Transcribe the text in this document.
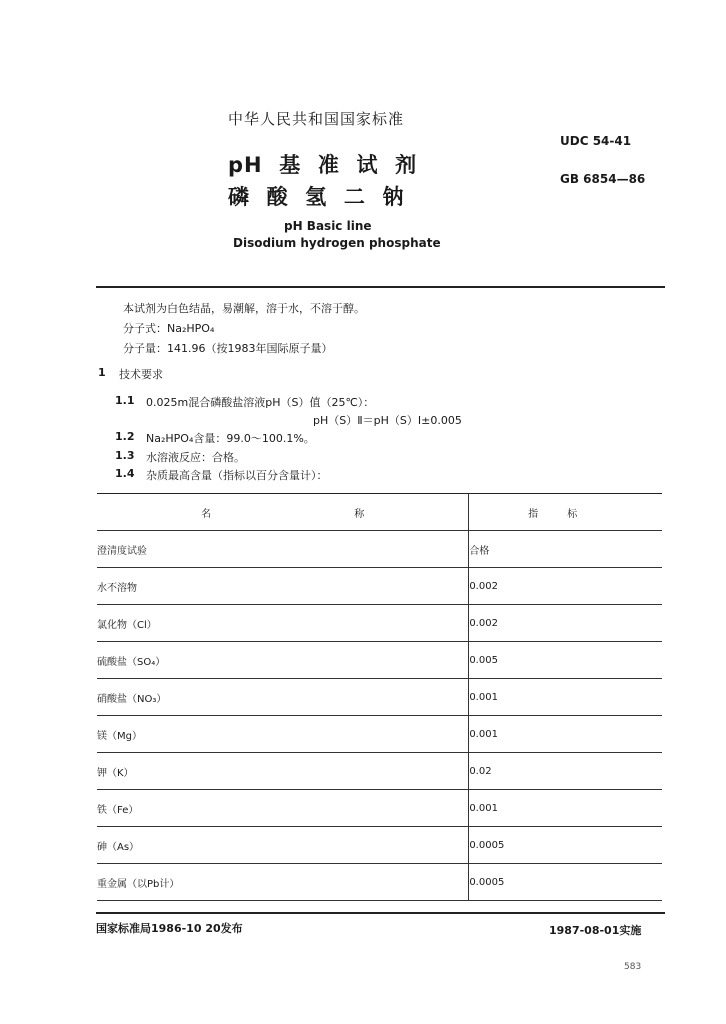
中华人民共和国国家标准
pH  基  准  试  剂
磷  酸  氢  二  钠
pH Basic line
Disodium hydrogen phosphate
UDC 54-41
GB 6854—86
本试剂为白色结晶，易潮解，溶于水，不溶于醇。
分子式：Na₂HPO₄
分子量：141.96（按1983年国际原子量）
1 技术要求
1.1 0.025m混合磷酸盐溶液pH（S）值（25℃）：
pH（S）Ⅱ＝pH（S）Ⅰ±0.005
1.2 Na₂HPO₄含量：99.0～100.1%。
1.3 水溶液反应：合格。
1.4 杂质最高含量（指标以百分含量计）：
名 称	指 标
澄清度试验	合格
水不溶物	0.002
氯化物（Cl）	0.002
硫酸盐（SO₄）	0.005
硝酸盐（NO₃）	0.001
镁（Mg）	0.001
钾（K）	0.02
铁（Fe）	0.001
砷（As）	0.0005
重金属（以Pb计）	0.0005
国家标准局1986-10 20发布	1987-08-01实施
583
